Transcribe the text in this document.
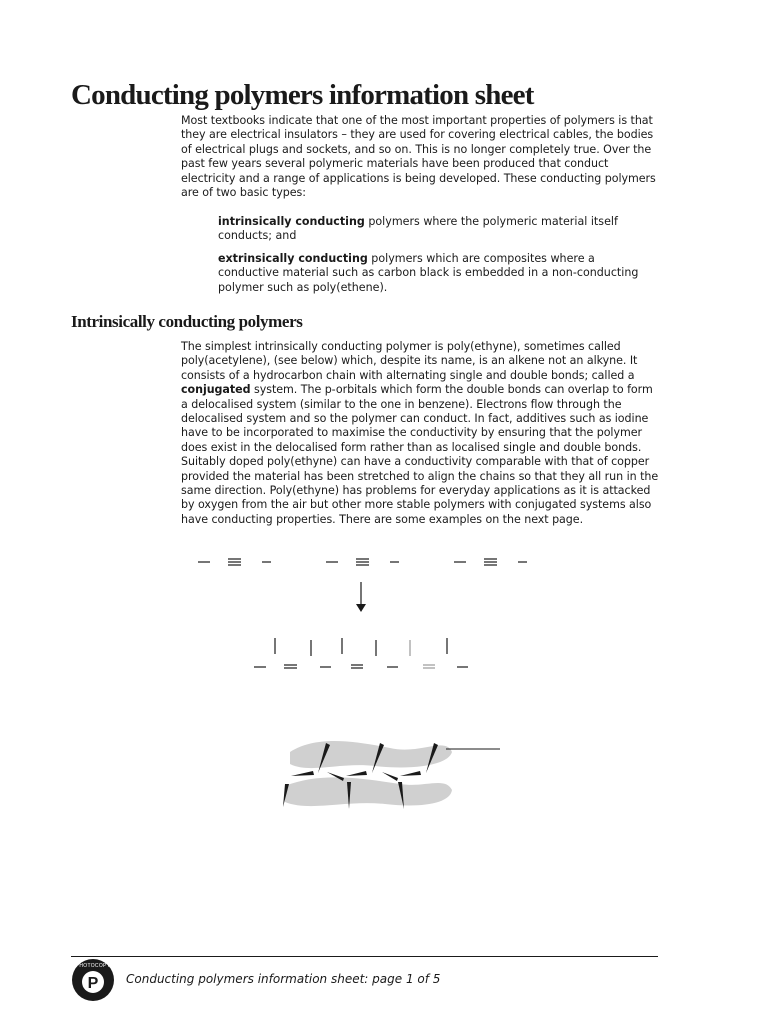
Conducting polymers information sheet

Most textbooks indicate that one of the most important properties of polymers is that they are electrical insulators – they are used for covering electrical cables, the bodies of electrical plugs and sockets, and so on. This is no longer completely true. Over the past few years several polymeric materials have been produced that conduct electricity and a range of applications is being developed. These conducting polymers are of two basic types:

intrinsically conducting polymers where the polymeric material itself conducts; and
extrinsically conducting polymers which are composites where a conductive material such as carbon black is embedded in a non-conducting polymer such as poly(ethene).
Intrinsically conducting polymers

The simplest intrinsically conducting polymer is poly(ethyne), sometimes called poly(acetylene), (see below) which, despite its name, is an alkene not an alkyne. It consists of a hydrocarbon chain with alternating single and double bonds; called a conjugated system. The p-orbitals which form the double bonds can overlap to form a delocalised system (similar to the one in benzene). Electrons flow through the delocalised system and so the polymer can conduct. In fact, additives such as iodine have to be incorporated to maximise the conductivity by ensuring that the polymer does exist in the delocalised form rather than as localised single and double bonds. Suitably doped poly(ethyne) can have a conductivity comparable with that of copper provided the material has been stretched to align the chains so that they all run in the same direction. Poly(ethyne) has problems for everyday applications as it is attacked by oxygen from the air but other more stable polymers with conjugated systems also have conducting properties. There are some examples on the next page.

P
PHOTOCOPY

Conducting polymers information sheet: page 1 of 5
